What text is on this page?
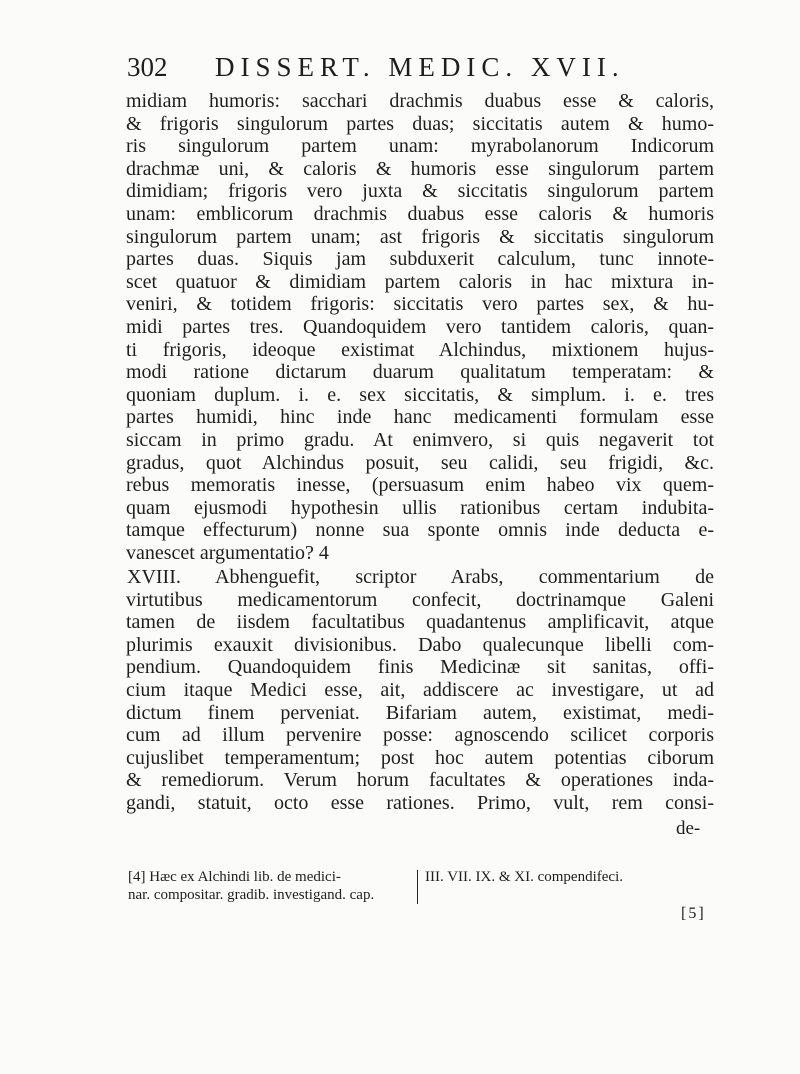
302 DISSERT. MEDIC. XVII.
midiam humoris: sacchari drachmis duabus esse & caloris,
& frigoris singulorum partes duas; siccitatis autem & humo-
ris singulorum partem unam: myrabolanorum Indicorum
drachmæ uni, & caloris & humoris esse singulorum partem
dimidiam; frigoris vero juxta & siccitatis singulorum partem
unam: emblicorum drachmis duabus esse caloris & humoris
singulorum partem unam; ast frigoris & siccitatis singulorum
partes duas. Siquis jam subduxerit calculum, tunc innote-
scet quatuor & dimidiam partem caloris in hac mixtura in-
veniri, & totidem frigoris: siccitatis vero partes sex, & hu-
midi partes tres. Quandoquidem vero tantidem caloris, quan-
ti frigoris, ideoque existimat Alchindus, mixtionem hujus-
modi ratione dictarum duarum qualitatum temperatam: &
quoniam duplum. i. e. sex siccitatis, & simplum. i. e. tres
partes humidi, hinc inde hanc medicamenti formulam esse
siccam in primo gradu. At enimvero, si quis negaverit tot
gradus, quot Alchindus posuit, seu calidi, seu frigidi, &c.
rebus memoratis inesse, (persuasum enim habeo vix quem-
quam ejusmodi hypothesin ullis rationibus certam indubita-
tamque effecturum) nonne sua sponte omnis inde deducta e-
vanescet argumentatio? 4
XVIII. Abhenguefit, scriptor Arabs, commentarium de
virtutibus medicamentorum confecit, doctrinamque Galeni
tamen de iisdem facultatibus quadantenus amplificavit, atque
plurimis exauxit divisionibus. Dabo qualecunque libelli com-
pendium. Quandoquidem finis Medicinæ sit sanitas, offi-
cium itaque Medici esse, ait, addiscere ac investigare, ut ad
dictum finem perveniat. Bifariam autem, existimat, medi-
cum ad illum pervenire posse: agnoscendo scilicet corporis
cujuslibet temperamentum; post hoc autem potentias ciborum
& remediorum. Verum horum facultates & operationes inda-
gandi, statuit, octo esse rationes. Primo, vult, rem consi-
de-
[4] Hæc ex Alchindi lib. de medici-
nar. compositar. gradib. investigand. cap.
III. VII. IX. & XI. compendifeci.
[5]
